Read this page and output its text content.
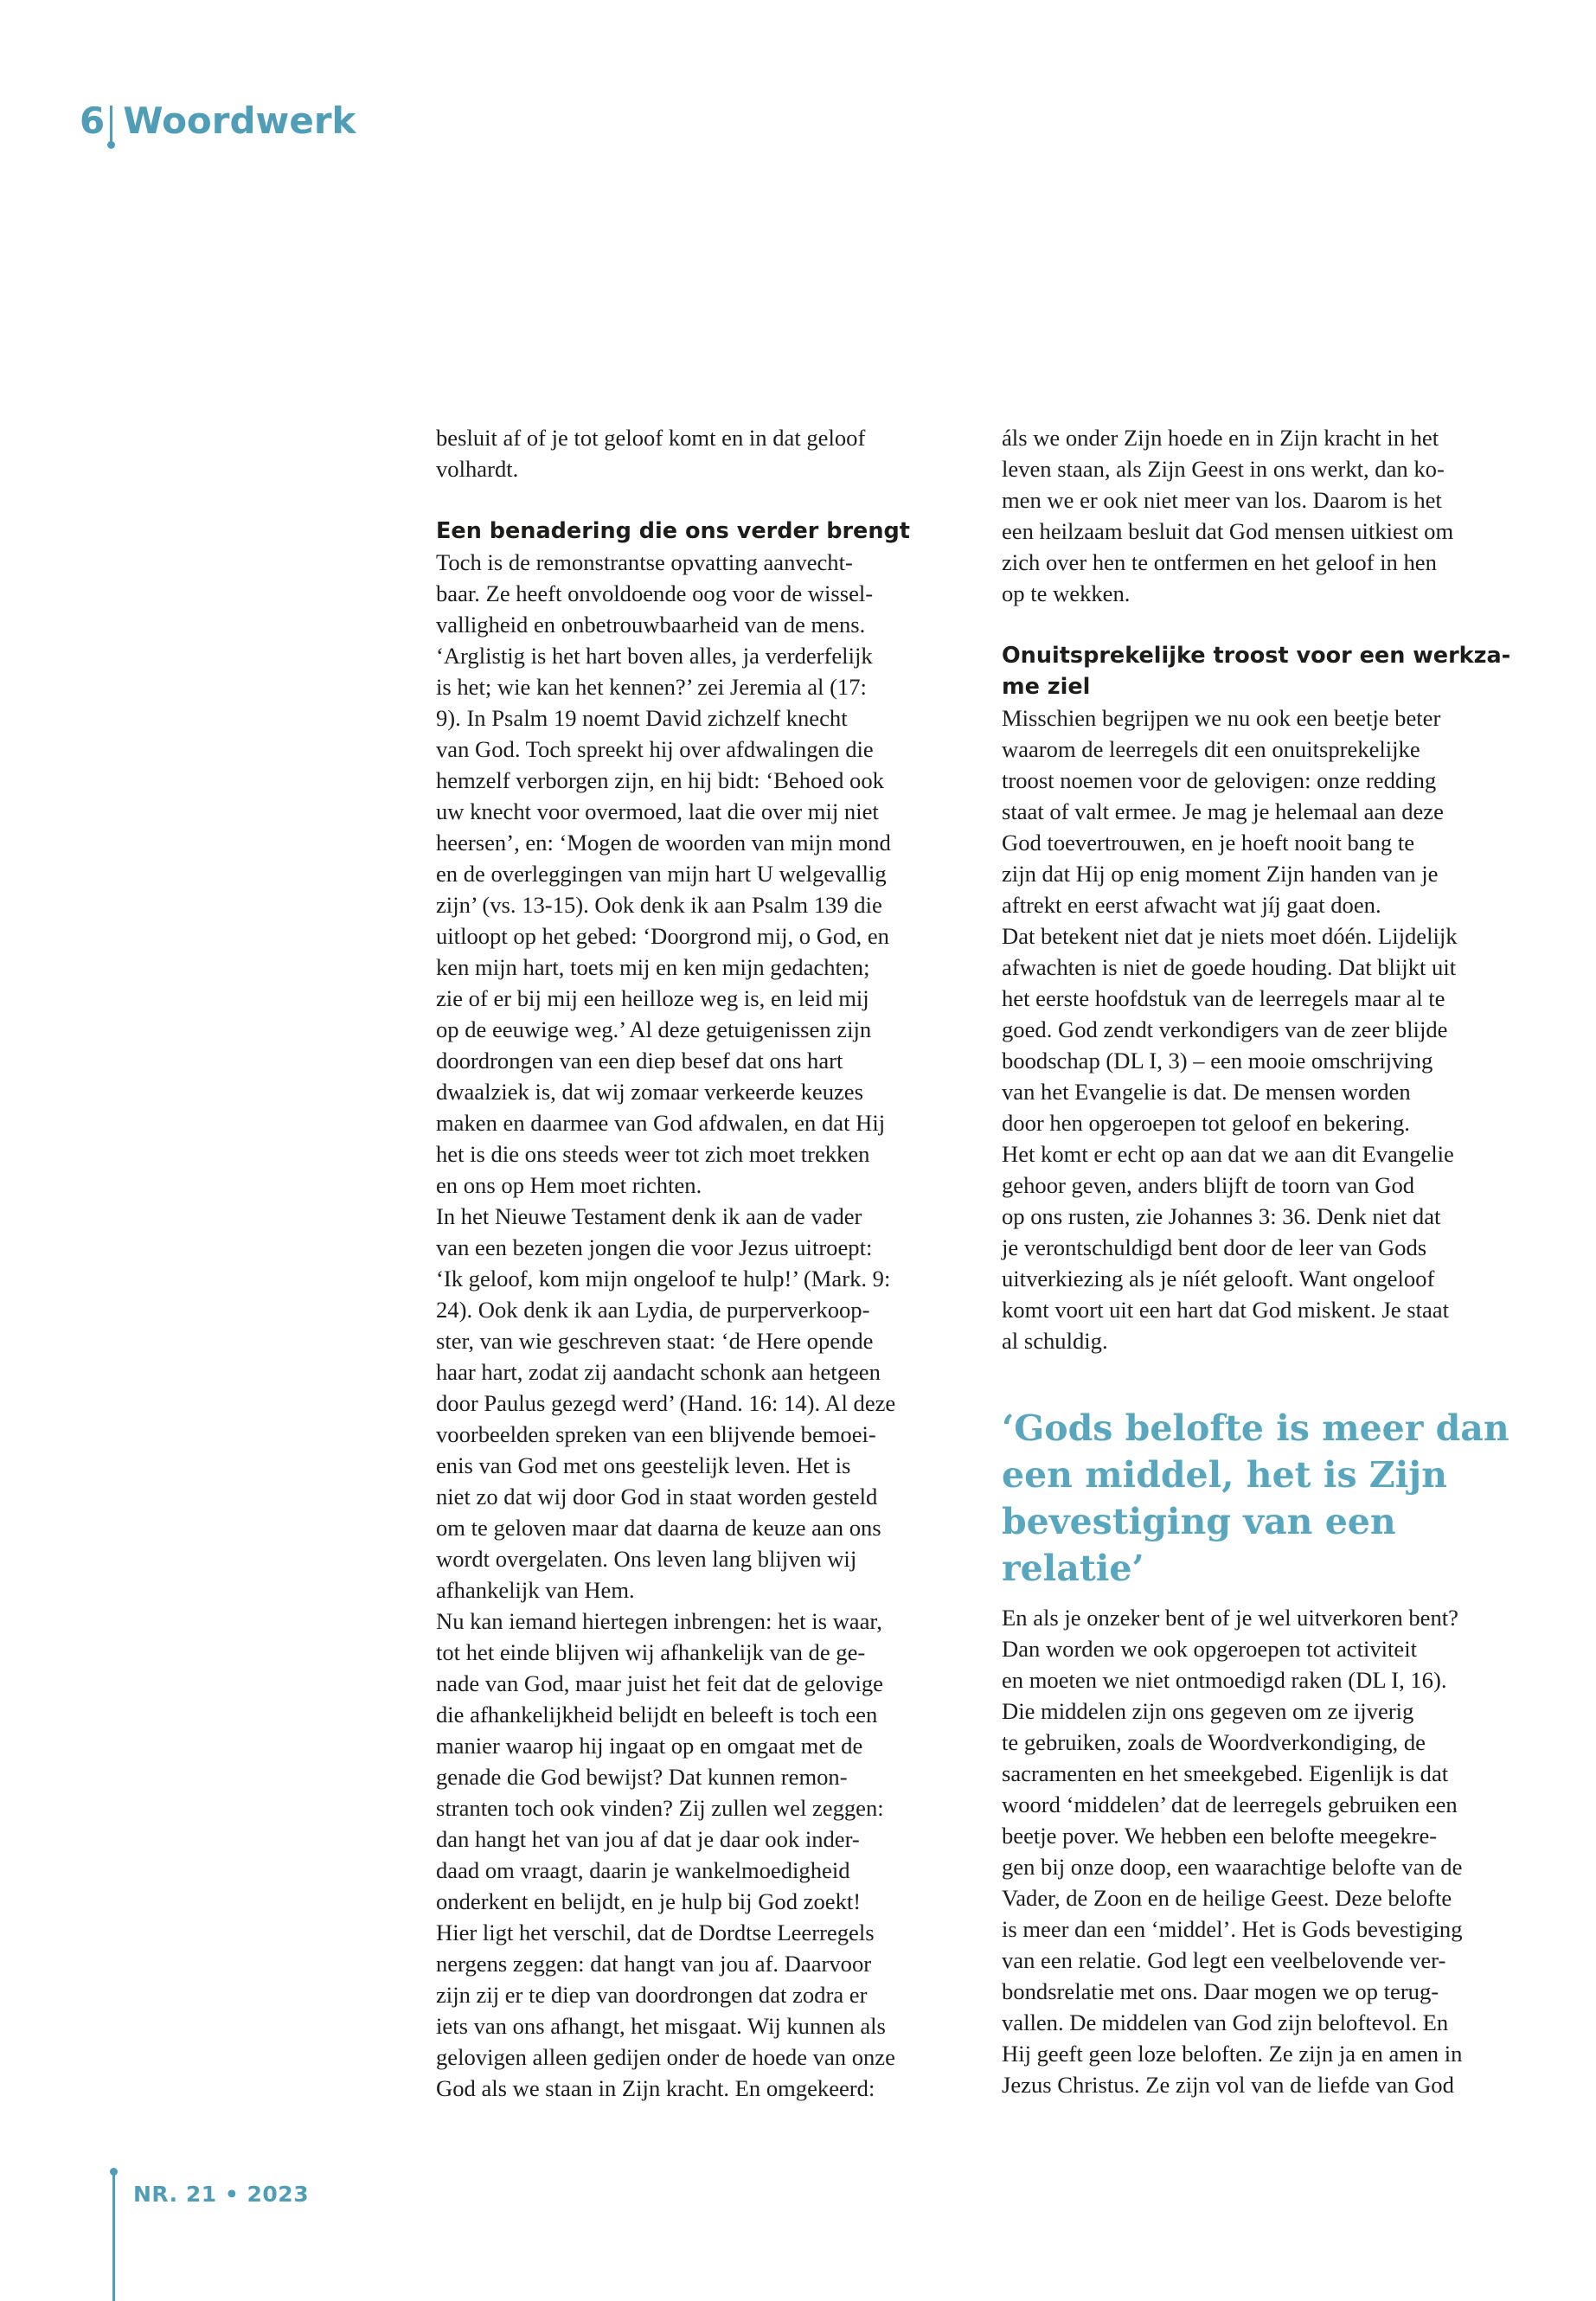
6 Woordwerk

besluit af of je tot geloof komt en in dat geloof
volhardt.

Een benadering die ons verder brengt

Toch is de remonstrantse opvatting aanvecht-
baar. Ze heeft onvoldoende oog voor de wissel-
valligheid en onbetrouwbaarheid van de mens.
‘Arglistig is het hart boven alles, ja verderfelijk
is het; wie kan het kennen?’ zei Jeremia al (17:
9). In Psalm 19 noemt David zichzelf knecht
van God. Toch spreekt hij over afdwalingen die
hemzelf verborgen zijn, en hij bidt: ‘Behoed ook
uw knecht voor overmoed, laat die over mij niet
heersen’, en: ‘Mogen de woorden van mijn mond
en de overleggingen van mijn hart U welgevallig
zijn’ (vs. 13-15). Ook denk ik aan Psalm 139 die
uitloopt op het gebed: ‘Doorgrond mij, o God, en
ken mijn hart, toets mij en ken mijn gedachten;
zie of er bij mij een heilloze weg is, en leid mij
op de eeuwige weg.’ Al deze getuigenissen zijn
doordrongen van een diep besef dat ons hart
dwaalziek is, dat wij zomaar verkeerde keuzes
maken en daarmee van God afdwalen, en dat Hij
het is die ons steeds weer tot zich moet trekken
en ons op Hem moet richten.

In het Nieuwe Testament denk ik aan de vader
van een bezeten jongen die voor Jezus uitroept:
‘Ik geloof, kom mijn ongeloof te hulp!’ (Mark. 9:
24). Ook denk ik aan Lydia, de purperverkoop-
ster, van wie geschreven staat: ‘de Here opende
haar hart, zodat zij aandacht schonk aan hetgeen
door Paulus gezegd werd’ (Hand. 16: 14). Al deze
voorbeelden spreken van een blijvende bemoei-
enis van God met ons geestelijk leven. Het is
niet zo dat wij door God in staat worden gesteld
om te geloven maar dat daarna de keuze aan ons
wordt overgelaten. Ons leven lang blijven wij
afhankelijk van Hem.

Nu kan iemand hiertegen inbrengen: het is waar,
tot het einde blijven wij afhankelijk van de ge-
nade van God, maar juist het feit dat de gelovige
die afhankelijkheid belijdt en beleeft is toch een
manier waarop hij ingaat op en omgaat met de
genade die God bewijst? Dat kunnen remon-
stranten toch ook vinden? Zij zullen wel zeggen:
dan hangt het van jou af dat je daar ook inder-
daad om vraagt, daarin je wankelmoedigheid
onderkent en belijdt, en je hulp bij God zoekt!
Hier ligt het verschil, dat de Dordtse Leerregels
nergens zeggen: dat hangt van jou af. Daarvoor
zijn zij er te diep van doordrongen dat zodra er
iets van ons afhangt, het misgaat. Wij kunnen als
gelovigen alleen gedijen onder de hoede van onze
God als we staan in Zijn kracht. En omgekeerd:

áls we onder Zijn hoede en in Zijn kracht in het
leven staan, als Zijn Geest in ons werkt, dan ko-
men we er ook niet meer van los. Daarom is het
een heilzaam besluit dat God mensen uitkiest om
zich over hen te ontfermen en het geloof in hen
op te wekken.

Onuitsprekelijke troost voor een werkza-
me ziel

Misschien begrijpen we nu ook een beetje beter
waarom de leerregels dit een onuitsprekelijke
troost noemen voor de gelovigen: onze redding
staat of valt ermee. Je mag je helemaal aan deze
God toevertrouwen, en je hoeft nooit bang te
zijn dat Hij op enig moment Zijn handen van je
aftrekt en eerst afwacht wat jíj gaat doen.

Dat betekent niet dat je niets moet dóén. Lijdelijk
afwachten is niet de goede houding. Dat blijkt uit
het eerste hoofdstuk van de leerregels maar al te
goed. God zendt verkondigers van de zeer blijde
boodschap (DL I, 3) – een mooie omschrijving
van het Evangelie is dat. De mensen worden
door hen opgeroepen tot geloof en bekering.
Het komt er echt op aan dat we aan dit Evangelie
gehoor geven, anders blijft de toorn van God
op ons rusten, zie Johannes 3: 36. Denk niet dat
je verontschuldigd bent door de leer van Gods
uitverkiezing als je níét gelooft. Want ongeloof
komt voort uit een hart dat God miskent. Je staat
al schuldig.

‘Gods belofte is meer dan
een middel, het is Zijn
bevestiging van een relatie’

En als je onzeker bent of je wel uitverkoren bent?
Dan worden we ook opgeroepen tot activiteit
en moeten we niet ontmoedigd raken (DL I, 16).
Die middelen zijn ons gegeven om ze ijverig
te gebruiken, zoals de Woordverkondiging, de
sacramenten en het smeekgebed. Eigenlijk is dat
woord ‘middelen’ dat de leerregels gebruiken een
beetje pover. We hebben een belofte meegekre-
gen bij onze doop, een waarachtige belofte van de
Vader, de Zoon en de heilige Geest. Deze belofte
is meer dan een ‘middel’. Het is Gods bevestiging
van een relatie. God legt een veelbelovende ver-
bondsrelatie met ons. Daar mogen we op terug-
vallen. De middelen van God zijn beloftevol. En
Hij geeft geen loze beloften. Ze zijn ja en amen in
Jezus Christus. Ze zijn vol van de liefde van God

NR. 21 • 2023
